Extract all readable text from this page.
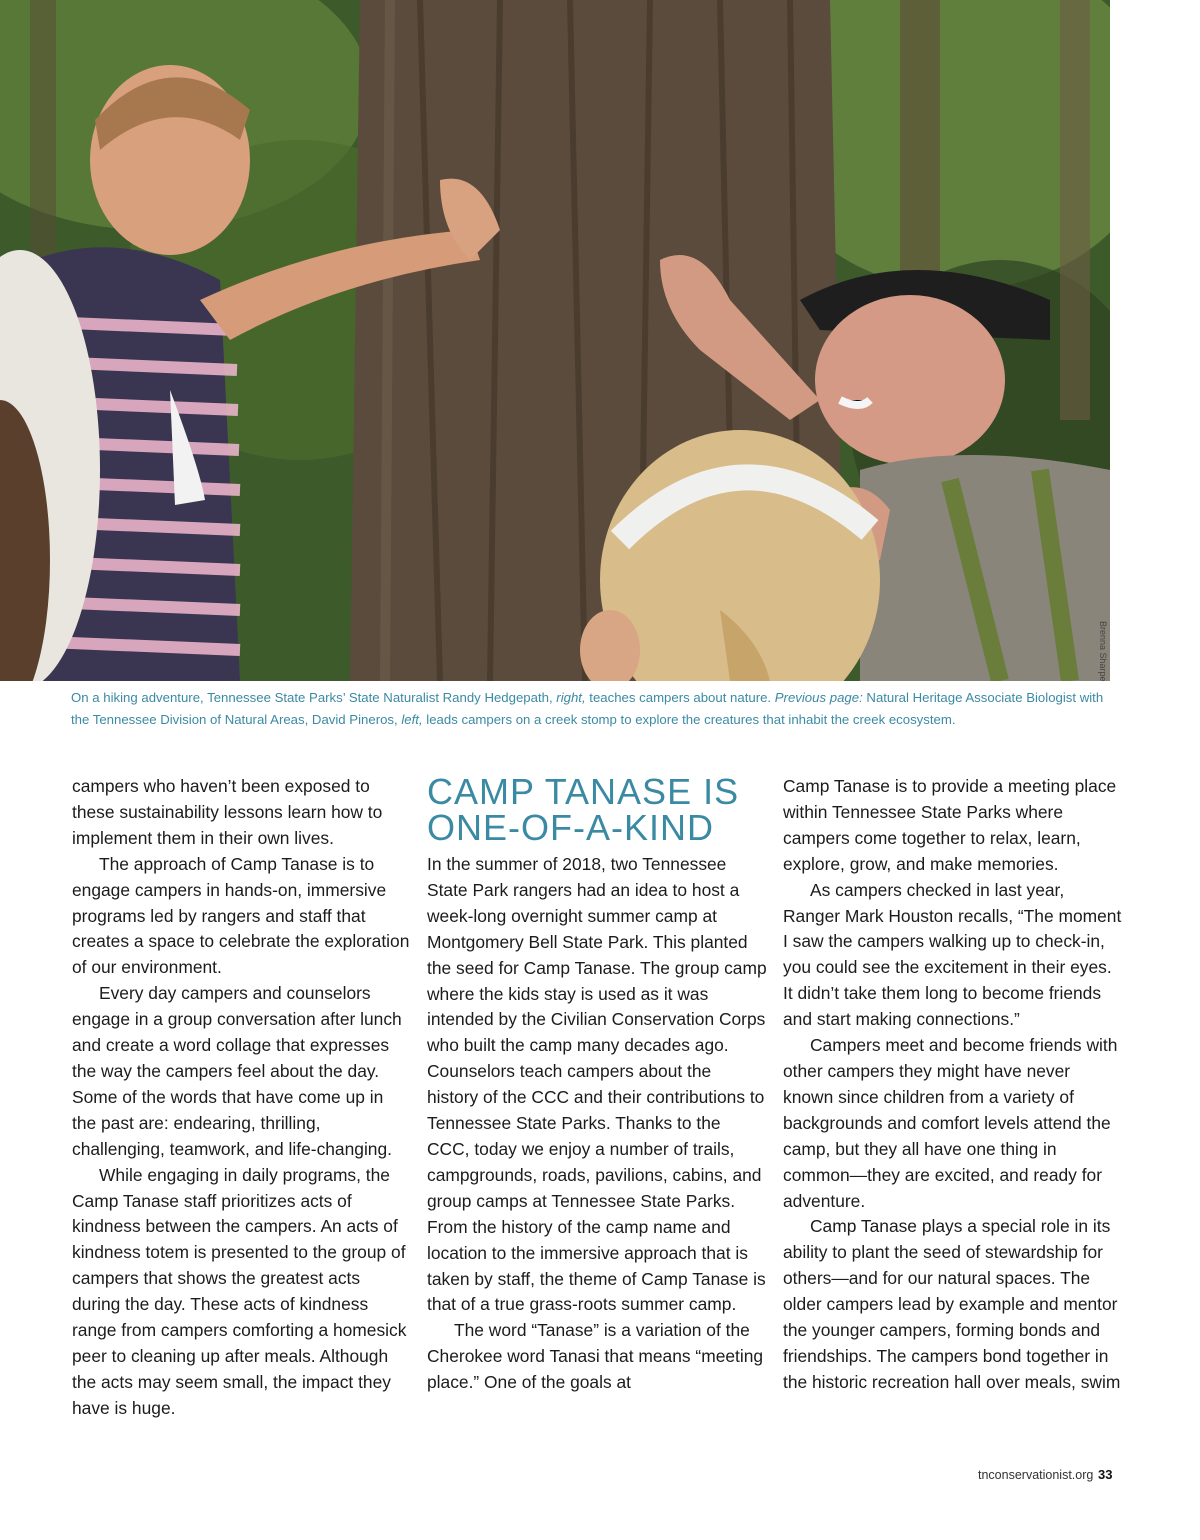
Brenna Sharpe
On a hiking adventure, Tennessee State Parks’ State Naturalist Randy Hedgepath, right, teaches campers about nature. Previous page: Natural Heritage Associate Biologist with the Tennessee Division of Natural Areas, David Pineros, left, leads campers on a creek stomp to explore the creatures that inhabit the creek ecosystem.

campers who haven’t been exposed to these sustainability lessons learn how to implement them in their own lives.

The approach of Camp Tanase is to engage campers in hands-on, immersive programs led by rangers and staff that creates a space to celebrate the exploration of our environment.

Every day campers and counselors engage in a group conversation after lunch and create a word collage that expresses the way the campers feel about the day. Some of the words that have come up in the past are: endearing, thrilling, challenging, teamwork, and life-changing.

While engaging in daily programs, the Camp Tanase staff prioritizes acts of kindness between the campers. An acts of kindness totem is presented to the group of campers that shows the greatest acts during the day. These acts of kindness range from campers comforting a homesick peer to cleaning up after meals. Although the acts may seem small, the impact they have is huge.

CAMP TANASE IS
ONE-OF-A-KIND

In the summer of 2018, two Tennessee State Park rangers had an idea to host a week-long overnight summer camp at Montgomery Bell State Park. This planted the seed for Camp Tanase. The group camp where the kids stay is used as it was intended by the Civilian Conservation Corps who built the camp many decades ago. Counselors teach campers about the history of the CCC and their contributions to Tennessee State Parks. Thanks to the CCC, today we enjoy a number of trails, campgrounds, roads, pavilions, cabins, and group camps at Tennessee State Parks. From the history of the camp name and location to the immersive approach that is taken by staff, the theme of Camp Tanase is that of a true grass-roots summer camp.

The word “Tanase” is a variation of the Cherokee word Tanasi that means “meeting place.” One of the goals at

Camp Tanase is to provide a meeting place within Tennessee State Parks where campers come together to relax, learn, explore, grow, and make memories.

As campers checked in last year, Ranger Mark Houston recalls, “The moment I saw the campers walking up to check-in, you could see the excitement in their eyes. It didn’t take them long to become friends and start making connections.”

Campers meet and become friends with other campers they might have never known since children from a variety of backgrounds and comfort levels attend the camp, but they all have one thing in common—they are excited, and ready for adventure.

Camp Tanase plays a special role in its ability to plant the seed of stewardship for others—and for our natural spaces. The older campers lead by example and mentor the younger campers, forming bonds and friendships. The campers bond together in the historic recreation hall over meals, swim

tnconservationist.org 33
